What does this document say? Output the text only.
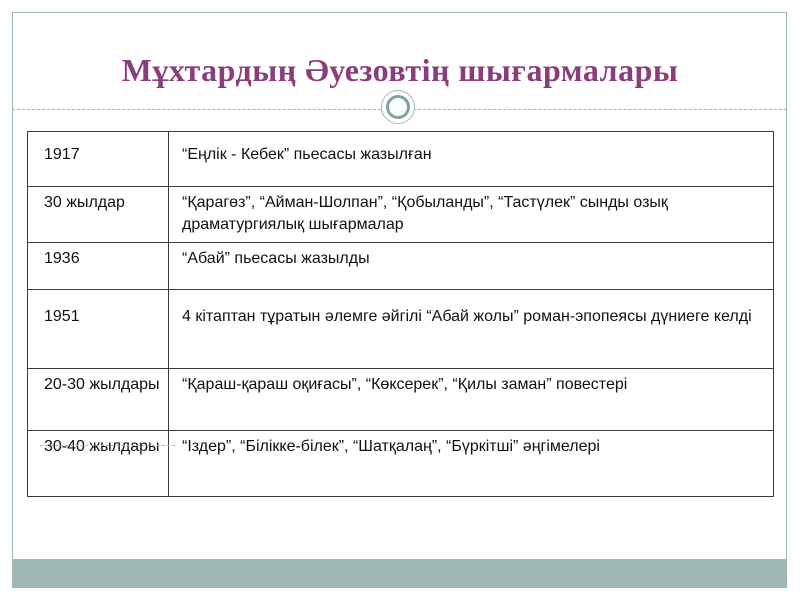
Мұхтардың Әуезовтің шығармалары
1917	“Еңлік - Кебек” пьесасы жазылған
30 жылдар	“Қарагөз”, “Айман-Шолпан”, “Қобыланды”, “Тастүлек” сынды озық драматургиялық шығармалар
1936	“Абай” пьесасы жазылды
1951	4 кітаптан тұратын әлемге әйгілі “Абай жолы” роман-эпопеясы дүниеге келді
20-30 жылдары	“Қараш-қараш оқиғасы”, “Көксерек”, “Қилы заман” повестері
30-40 жылдары	“Іздер”, “Білікке-білек”, “Шатқалаң”, “Бүркітші” әңгімелері
